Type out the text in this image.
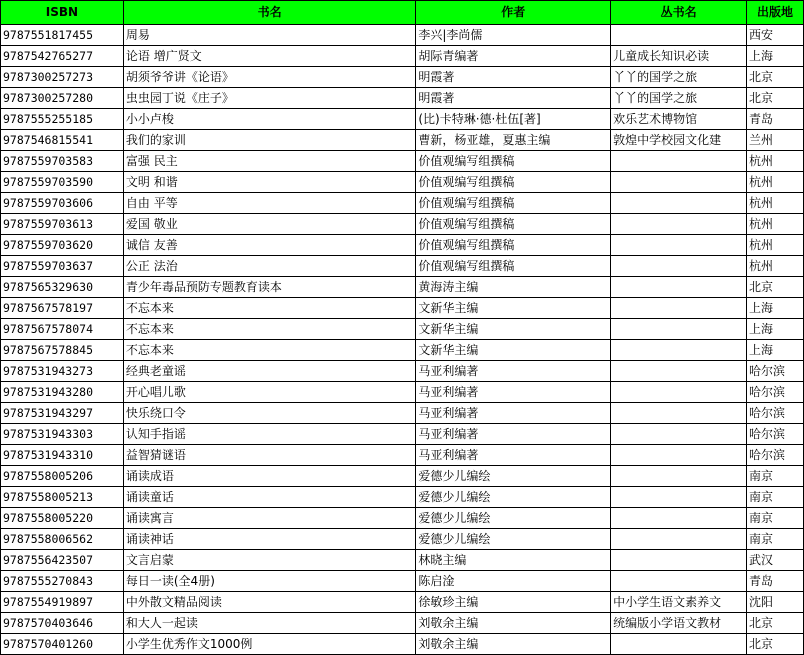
ISBN	书名	作者	丛书名	出版地
9787551817455	周易	李兴|李尚儒		西安
9787542765277	论语 增广贤文	胡际青编著	儿童成长知识必读	上海
9787300257273	胡须爷爷讲《论语》	明霞著	丫丫的国学之旅	北京
9787300257280	虫虫园丁说《庄子》	明霞著	丫丫的国学之旅	北京
9787555255185	小小卢梭	(比)卡特琳·德·杜伍[著]	欢乐艺术博物馆	青岛
9787546815541	我们的家训	曹新，杨亚雄，夏惠主编	敦煌中学校园文化建	兰州
9787559703583	富强 民主	价值观编写组撰稿		杭州
9787559703590	文明 和谐	价值观编写组撰稿		杭州
9787559703606	自由 平等	价值观编写组撰稿		杭州
9787559703613	爱国 敬业	价值观编写组撰稿		杭州
9787559703620	诚信 友善	价值观编写组撰稿		杭州
9787559703637	公正 法治	价值观编写组撰稿		杭州
9787565329630	青少年毒品预防专题教育读本	黄海涛主编		北京
9787567578197	不忘本来	文新华主编		上海
9787567578074	不忘本来	文新华主编		上海
9787567578845	不忘本来	文新华主编		上海
9787531943273	经典老童谣	马亚利编著		哈尔滨
9787531943280	开心唱儿歌	马亚利编著		哈尔滨
9787531943297	快乐绕口令	马亚利编著		哈尔滨
9787531943303	认知手指谣	马亚利编著		哈尔滨
9787531943310	益智猜谜语	马亚利编著		哈尔滨
9787558005206	诵读成语	爱德少儿编绘		南京
9787558005213	诵读童话	爱德少儿编绘		南京
9787558005220	诵读寓言	爱德少儿编绘		南京
9787558006562	诵读神话	爱德少儿编绘		南京
9787556423507	文言启蒙	林晓主编		武汉
9787555270843	每日一读(全4册)	陈启淦		青岛
9787554919897	中外散文精品阅读	徐敏珍主编	中小学生语文素养文	沈阳
9787570403646	和大人一起读	刘敬余主编	统编版小学语文教材	北京
9787570401260	小学生优秀作文1000例	刘敬余主编		北京
